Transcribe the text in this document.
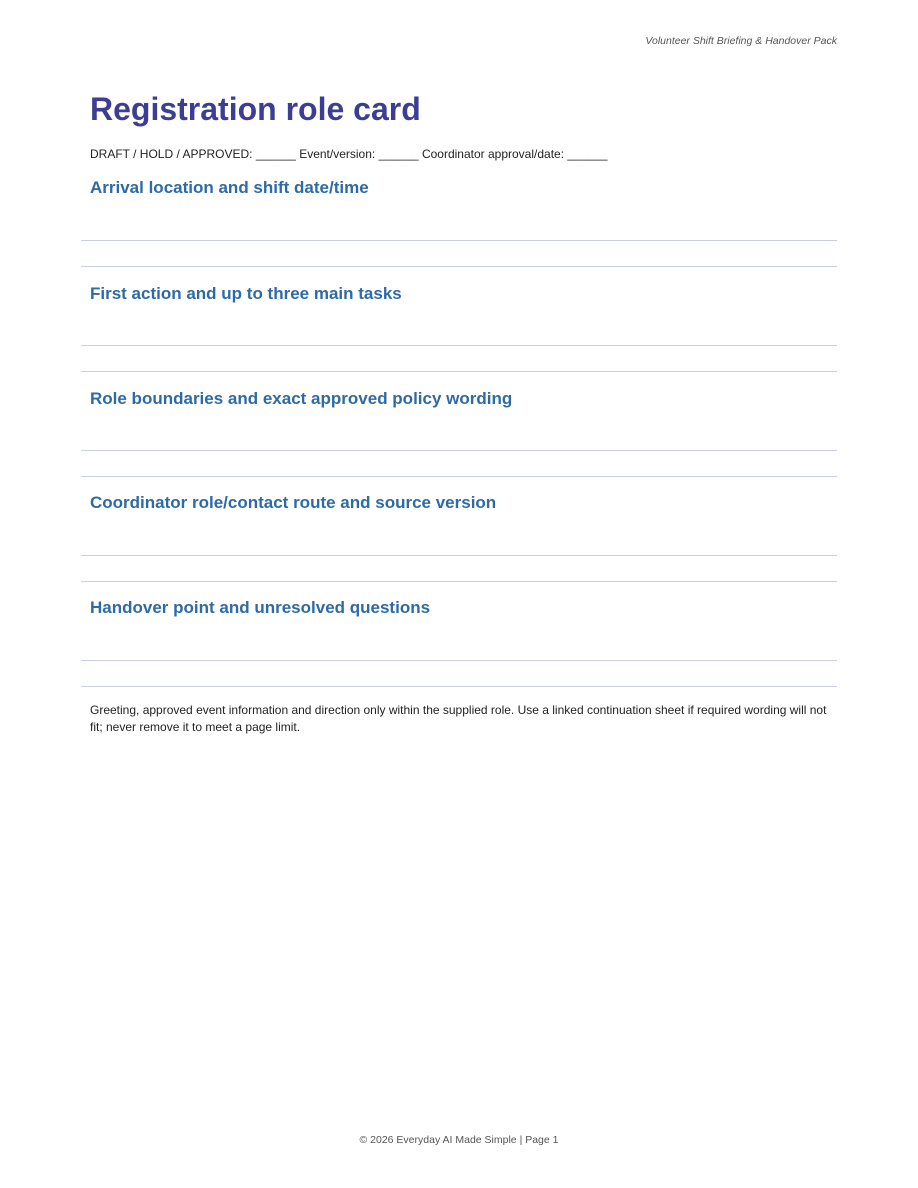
Volunteer Shift Briefing & Handover Pack
Registration role card
DRAFT / HOLD / APPROVED: ______ Event/version: ______ Coordinator approval/date: ______
Arrival location and shift date/time
First action and up to three main tasks
Role boundaries and exact approved policy wording
Coordinator role/contact route and source version
Handover point and unresolved questions
Greeting, approved event information and direction only within the supplied role. Use a linked continuation sheet if required wording will not fit; never remove it to meet a page limit.
© 2026 Everyday AI Made Simple | Page 1
